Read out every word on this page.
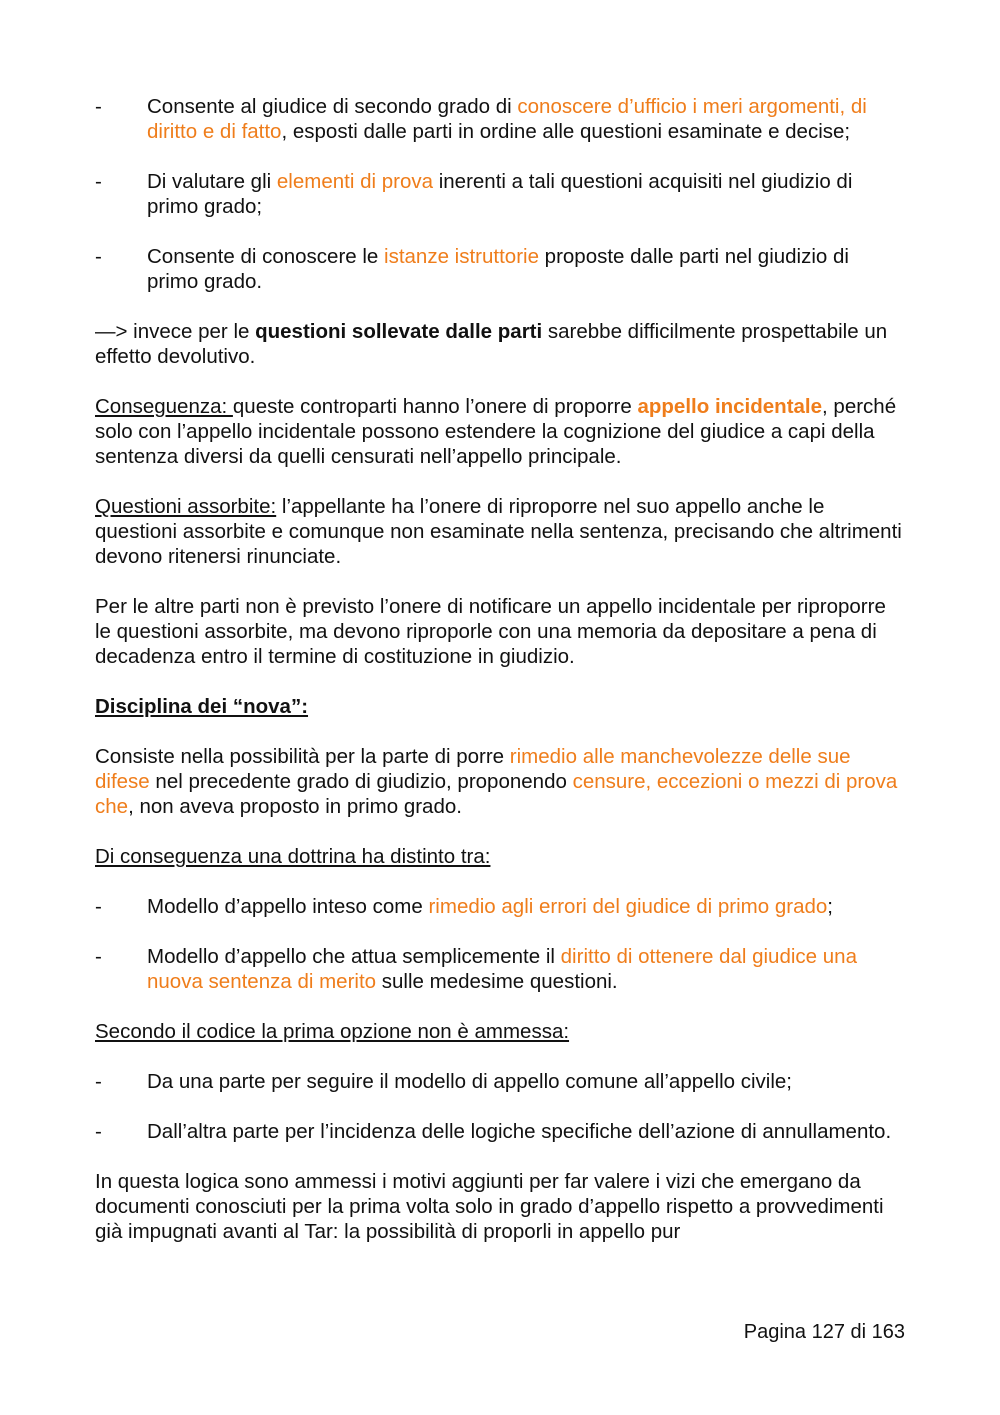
-	Consente al giudice di secondo grado di conoscere d’ufficio i meri argomenti, di diritto e di fatto, esposti dalle parti in ordine alle questioni esaminate e decise;
-	Di valutare gli elementi di prova inerenti a tali questioni acquisiti nel giudizio di primo grado;
-	Consente di conoscere le istanze istruttorie proposte dalle parti nel giudizio di primo grado.

—> invece per le questioni sollevate dalle parti sarebbe difficilmente prospettabile un effetto devolutivo.

Conseguenza: queste controparti hanno l’onere di proporre appello incidentale, perché solo con l’appello incidentale possono estendere la cognizione del giudice a capi della sentenza diversi da quelli censurati nell’appello principale.

Questioni assorbite: l’appellante ha l’onere di riproporre nel suo appello anche le questioni assorbite e comunque non esaminate nella sentenza, precisando che altrimenti devono ritenersi rinunciate.

Per le altre parti non è previsto l’onere di notificare un appello incidentale per riproporre le questioni assorbite, ma devono riproporle con una memoria da depositare a pena di decadenza entro il termine di costituzione in giudizio.

Disciplina dei “nova”:

Consiste nella possibilità per la parte di porre rimedio alle manchevolezze delle sue difese nel precedente grado di giudizio, proponendo censure, eccezioni o mezzi di prova che, non aveva proposto in primo grado.

Di conseguenza una dottrina ha distinto tra:

-	Modello d’appello inteso come rimedio agli errori del giudice di primo grado;
-	Modello d’appello che attua semplicemente il diritto di ottenere dal giudice una nuova sentenza di merito sulle medesime questioni.

Secondo il codice la prima opzione non è ammessa:

-	Da una parte per seguire il modello di appello comune all’appello civile;
-	Dall’altra parte per l’incidenza delle logiche specifiche dell’azione di annullamento.

In questa logica sono ammessi i motivi aggiunti per far valere i vizi che emergano da documenti conosciuti per la prima volta solo in grado d’appello rispetto a provvedimenti già impugnati avanti al Tar: la possibilità di proporli in appello pur

Pagina 127 di 163
